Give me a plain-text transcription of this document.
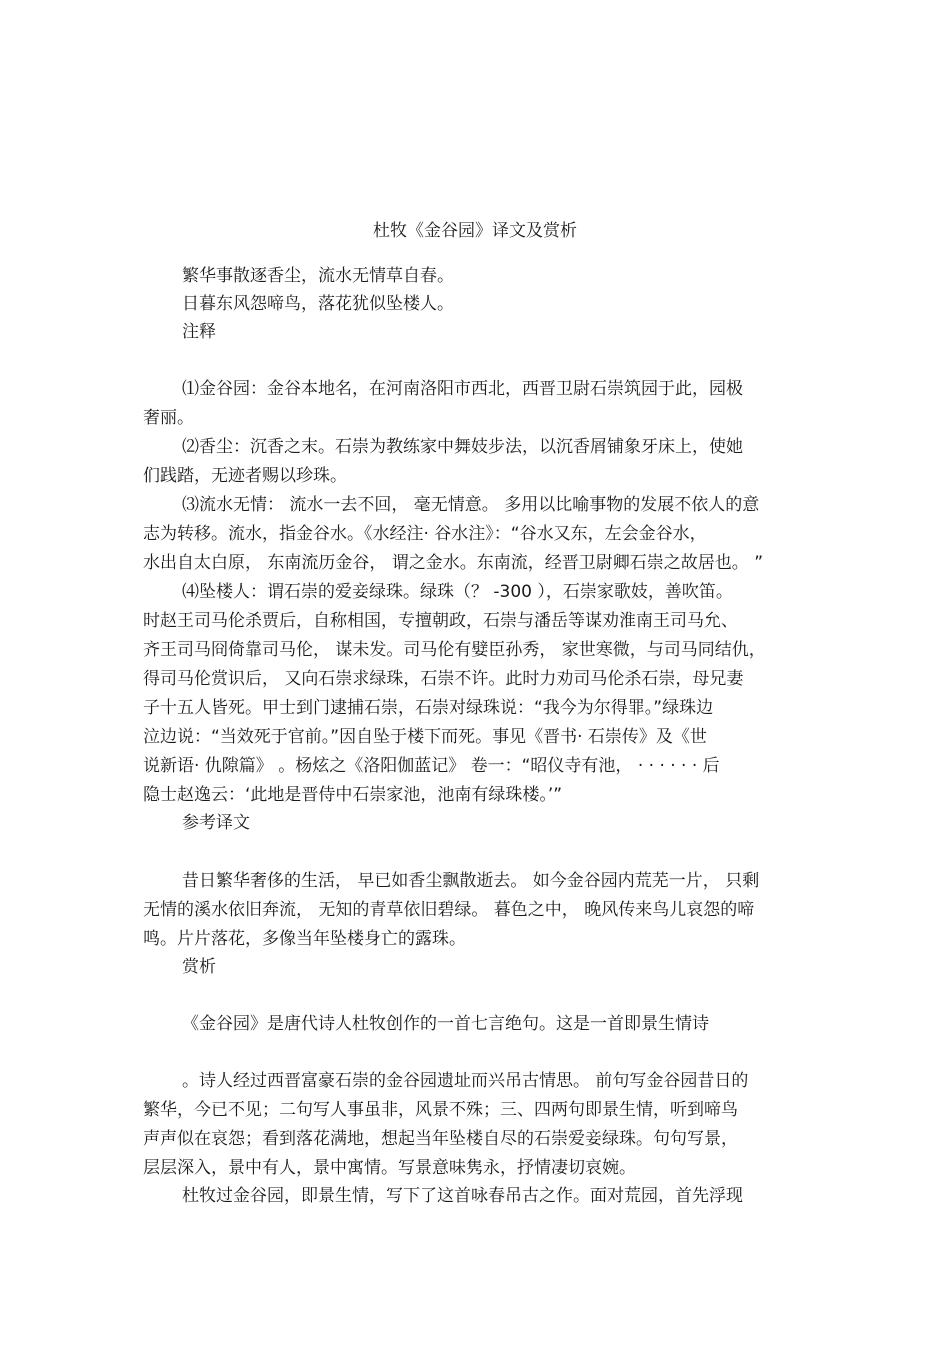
杜牧《金谷园》译文及赏析
繁华事散逐香尘，流水无情草自春。
日暮东风怨啼鸟，落花犹似坠楼人。
注释
⑴金谷园：金谷本地名，在河南洛阳市西北，西晋卫尉石崇筑园于此，园极
奢丽。
⑵香尘：沉香之末。石崇为教练家中舞妓步法，以沉香屑铺象牙床上，使她
们践踏，无迹者赐以珍珠。
⑶流水无情： 流水一去不回， 毫无情意。 多用以比喻事物的发展不依人的意
志为转移。流水，指金谷水。《水经注· 谷水注》：“谷水又东，左会金谷水，
水出自太白原， 东南流历金谷， 谓之金水。东南流，经晋卫尉卿石崇之故居也。 ”
⑷坠楼人：谓石崇的爱妾绿珠。绿珠（？ -300 ），石崇家歌妓，善吹笛。
时赵王司马伦杀贾后，自称相国，专擅朝政，石崇与潘岳等谋劝淮南王司马允、
齐王司马冏倚靠司马伦， 谋未发。司马伦有嬖臣孙秀， 家世寒微，与司马同结仇，
得司马伦赏识后， 又向石崇求绿珠，石崇不许。此时力劝司马伦杀石崇，母兄妻
子十五人皆死。甲士到门逮捕石崇，石崇对绿珠说：“我今为尔得罪。”绿珠边
泣边说：“当效死于官前。”因自坠于楼下而死。事见《晋书· 石崇传》及《世
说新语· 仇隙篇》 。杨炫之《洛阳伽蓝记》 卷一：“昭仪寺有池， · · · · · · 后
隐士赵逸云：‘此地是晋侍中石崇家池，池南有绿珠楼。’”
参考译文
昔日繁华奢侈的生活， 早已如香尘飘散逝去。 如今金谷园内荒芜一片， 只剩
无情的溪水依旧奔流， 无知的青草依旧碧绿。 暮色之中， 晚风传来鸟儿哀怨的啼
鸣。片片落花，多像当年坠楼身亡的露珠。
赏析
《金谷园》是唐代诗人杜牧创作的一首七言绝句。这是一首即景生情诗
。诗人经过西晋富豪石崇的金谷园遗址而兴吊古情思。 前句写金谷园昔日的
繁华，今已不见；二句写人事虽非，风景不殊；三、四两句即景生情，听到啼鸟
声声似在哀怨；看到落花满地，想起当年坠楼自尽的石崇爱妾绿珠。句句写景，
层层深入，景中有人，景中寓情。写景意味隽永，抒情凄切哀婉。
杜牧过金谷园，即景生情，写下了这首咏春吊古之作。面对荒园，首先浮现
